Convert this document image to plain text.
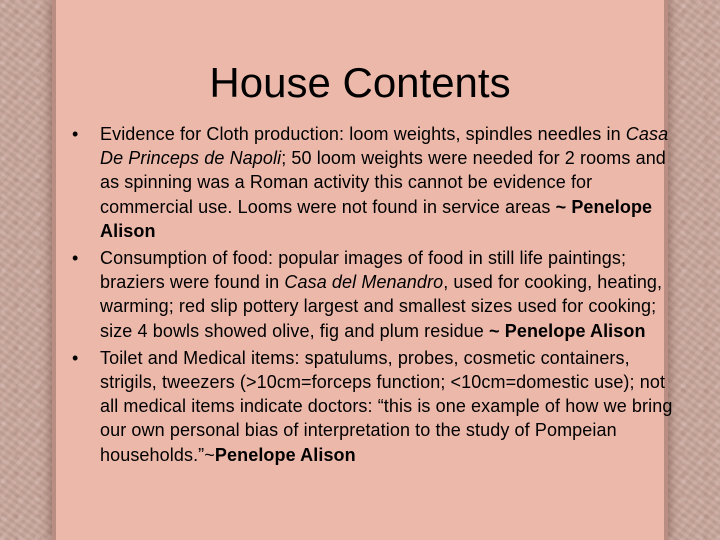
House Contents
• Evidence for Cloth production: loom weights, spindles needles in Casa De Princeps de Napoli; 50 loom weights were needed for 2 rooms and as spinning was a Roman activity this cannot be evidence for commercial use. Looms were not found in service areas ~ Penelope Alison
• Consumption of food: popular images of food in still life paintings; braziers were found in Casa del Menandro, used for cooking, heating, warming; red slip pottery largest and smallest sizes used for cooking; size 4 bowls showed olive, fig and plum residue ~ Penelope Alison
• Toilet and Medical items: spatulums, probes, cosmetic containers, strigils, tweezers (>10cm=forceps function; <10cm=domestic use); not all medical items indicate doctors: “this is one example of how we bring our own personal bias of interpretation to the study of Pompeian households.”~Penelope Alison
